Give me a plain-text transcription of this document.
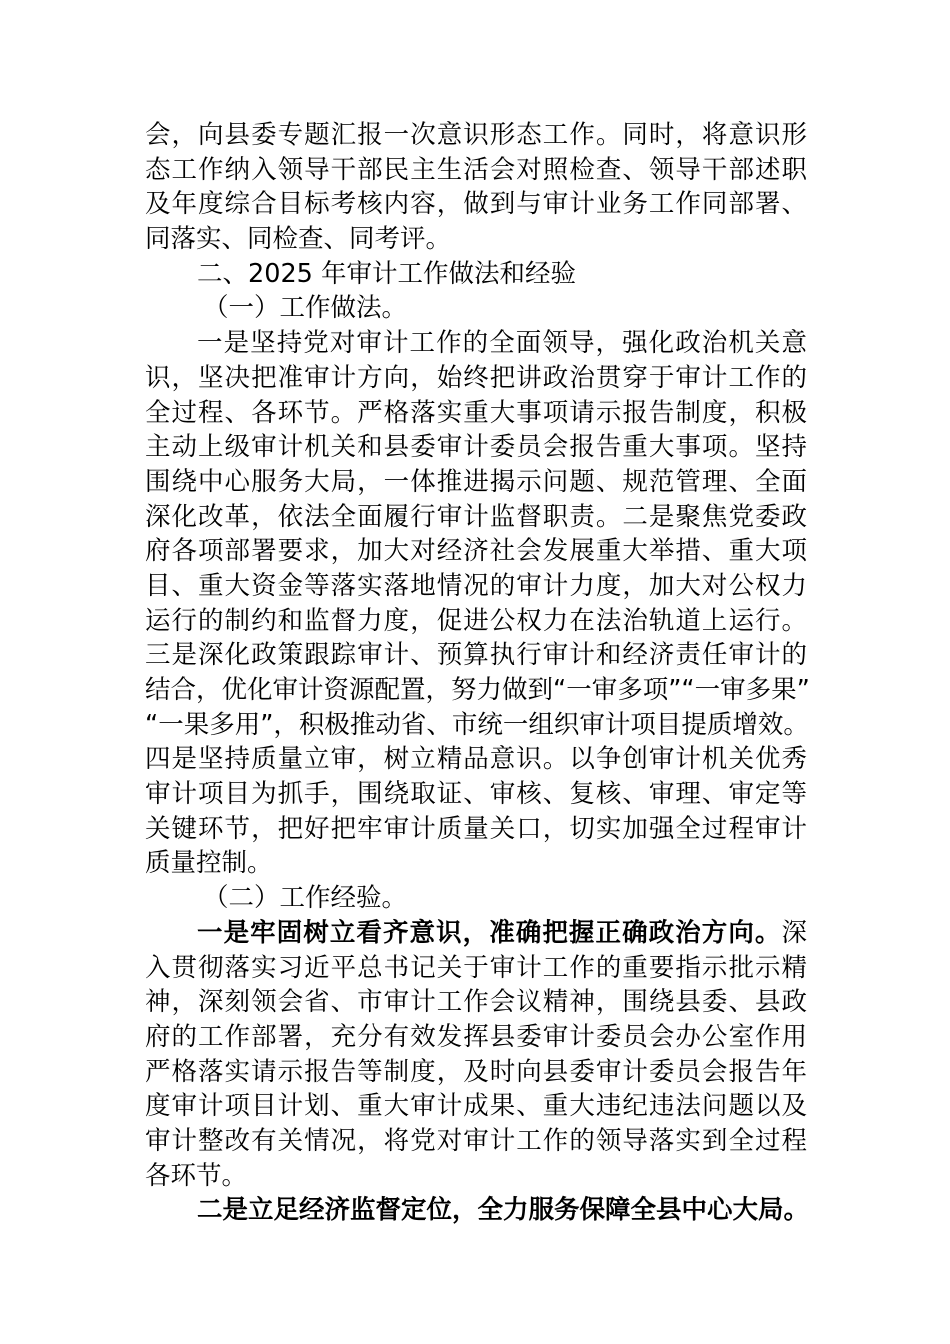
会，向县委专题汇报一次意识形态工作。同时，将意识形
态工作纳入领导干部民主生活会对照检查、领导干部述职
及年度综合目标考核内容，做到与审计业务工作同部署、
同落实、同检查、同考评。
二、2025 年审计工作做法和经验
（一）工作做法。
一是坚持党对审计工作的全面领导，强化政治机关意
识，坚决把准审计方向，始终把讲政治贯穿于审计工作的
全过程、各环节。严格落实重大事项请示报告制度，积极
主动上级审计机关和县委审计委员会报告重大事项。坚持
围绕中心服务大局，一体推进揭示问题、规范管理、全面
深化改革，依法全面履行审计监督职责。二是聚焦党委政
府各项部署要求，加大对经济社会发展重大举措、重大项
目、重大资金等落实落地情况的审计力度，加大对公权力
运行的制约和监督力度，促进公权力在法治轨道上运行。
三是深化政策跟踪审计、预算执行审计和经济责任审计的
结合，优化审计资源配置，努力做到“一审多项”“一审多果”
“一果多用”，积极推动省、市统一组织审计项目提质增效。
四是坚持质量立审，树立精品意识。以争创审计机关优秀
审计项目为抓手，围绕取证、审核、复核、审理、审定等
关键环节，把好把牢审计质量关口，切实加强全过程审计
质量控制。
（二）工作经验。
一是牢固树立看齐意识，准确把握正确政治方向。深
入贯彻落实习近平总书记关于审计工作的重要指示批示精
神，深刻领会省、市审计工作会议精神，围绕县委、县政
府的工作部署，充分有效发挥县委审计委员会办公室作用
严格落实请示报告等制度，及时向县委审计委员会报告年
度审计项目计划、重大审计成果、重大违纪违法问题以及
审计整改有关情况，将党对审计工作的领导落实到全过程
各环节。
二是立足经济监督定位，全力服务保障全县中心大局。
